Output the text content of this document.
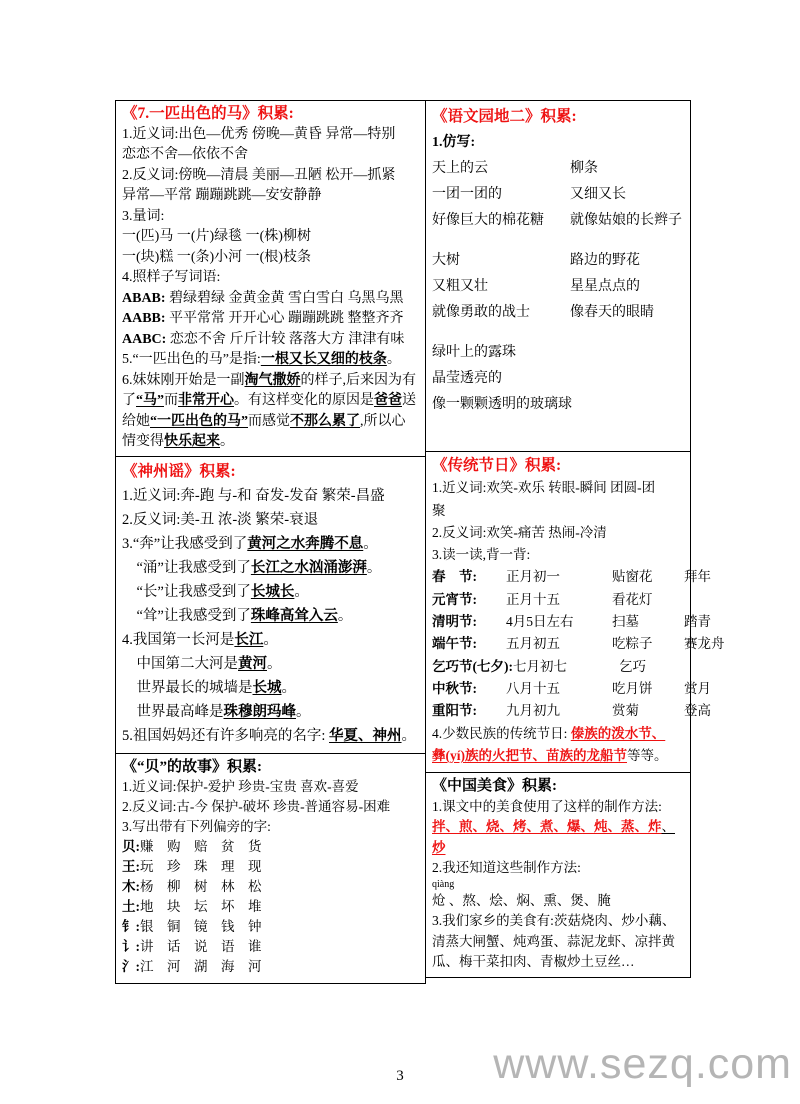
《7.一匹出色的马》积累:
1.近义词:出色—优秀 傍晚—黄昏 异常—特别
恋恋不舍—依依不舍
2.反义词:傍晚—清晨 美丽—丑陋 松开—抓紧
异常—平常 蹦蹦跳跳—安安静静
3.量词:
一(匹)马 一(片)绿毯 一(株)柳树
一(块)糕 一(条)小河 一(根)枝条
4.照样子写词语:
ABAB: 碧绿碧绿 金黄金黄 雪白雪白 乌黑乌黑
AABB: 平平常常 开开心心 蹦蹦跳跳 整整齐齐
AABC: 恋恋不舍 斤斤计较 落落大方 津津有味
5.“一匹出色的马”是指:一根又长又细的枝条。
6.妹妹刚开始是一副淘气撒娇的样子,后来因为有
了“马”而非常开心。有这样变化的原因是爸爸送
给她“一匹出色的马”而感觉不那么累了,所以心
情变得快乐起来。
《语文园地二》积累:
1.仿写:
天上的云	柳条
一团一团的	又细又长
好像巨大的棉花糖 就像姑娘的长辫子
大树	路边的野花
又粗又壮	星星点点的
就像勇敢的战士	像春天的眼睛
绿叶上的露珠
晶莹透亮的
像一颗颗透明的玻璃球
《神州谣》积累:
1.近义词:奔-跑 与-和 奋发-发奋 繁荣-昌盛
2.反义词:美-丑 浓-淡 繁荣-衰退
3.“奔”让我感受到了黄河之水奔腾不息。
　“涌”让我感受到了长江之水汹涌澎湃。
　“长”让我感受到了长城长。
　“耸”让我感受到了珠峰高耸入云。
4.我国第一长河是长江。
　中国第二大河是黄河。
　世界最长的城墙是长城。
　世界最高峰是珠穆朗玛峰。
5.祖国妈妈还有许多响亮的名字: 华夏、神州。
《传统节日》积累:
1.近义词:欢笑-欢乐 转眼-瞬间 团圆-团
聚
2.反义词:欢笑-痛苦 热闹-冷清
3.读一读,背一背:
春　节: 正月初一	贴窗花 拜年
元宵节: 正月十五	看花灯
清明节: 4月5日左右	扫墓	踏青
端午节: 五月初五	吃粽子 赛龙舟
乞巧节(七夕):七月初七	乞巧
中秋节: 八月十五	吃月饼 赏月
重阳节: 九月初九	赏菊	登高
4.少数民族的传统节日: 傣族的泼水节、
彝(yí)族的火把节、苗族的龙船节等等。
《“贝”的故事》积累:
1.近义词:保护-爱护 珍贵-宝贵 喜欢-喜爱
2.反义词:古-今 保护-破坏 珍贵-普通容易-困难
3.写出带有下列偏旁的字:
贝:赚　购　赔　贫　货
王:玩　珍　珠　理　现
木:杨　柳　树　林　松
土:地　块　坛　坏　堆
钅:银　铜　镜　钱　钟
讠:讲　话　说　语　谁
氵:江　河　湖　海　河
《中国美食》积累:
1.课文中的美食使用了这样的制作方法:
拌、煎、烧、烤、煮、爆、炖、蒸、炸、
炒
2.我还知道这些制作方法:
qiàng
炝 、熬、烩、焖、熏、煲、腌
3.我们家乡的美食有:茨菇烧肉、炒小藕、
清蒸大闸蟹、炖鸡蛋、蒜泥龙虾、凉拌黄
瓜、梅干菜扣肉、青椒炒土豆丝…
3	www.sezq.com
